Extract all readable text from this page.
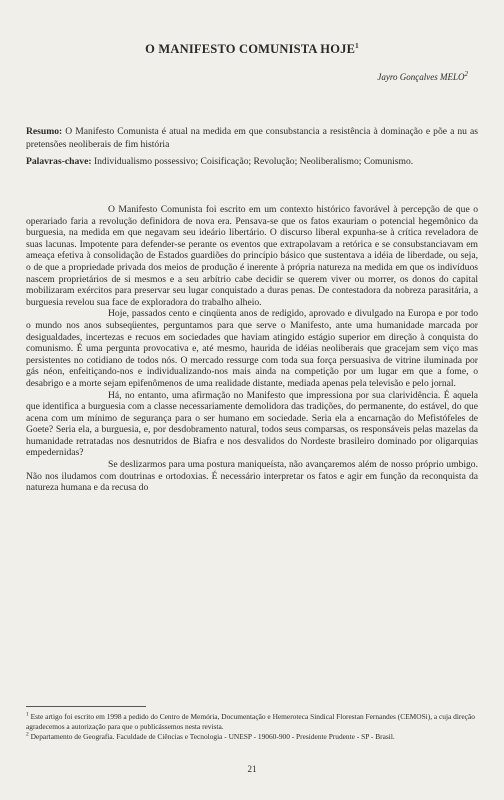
O MANIFESTO COMUNISTA HOJE$^1$
Jayro Gonçalves MELO$^2$
Resumo: O Manifesto Comunista é atual na medida em que consubstancia a resistência à dominação e põe a nu as pretensões neoliberais de fim história
Palavras-chave: Individualismo possessivo; Coisificação; Revolução; Neoliberalismo; Comunismo.

O Manifesto Comunista foi escrito em um contexto histórico favorável à percepção de que o operariado faria a revolução definidora de nova era. Pensava-se que os fatos exauriam o potencial hegemônico da burguesia, na medida em que negavam seu ideário libertário. O discurso liberal expunha-se à crítica reveladora de suas lacunas. Impotente para defender-se perante os eventos que extrapolavam a retórica e se consubstanciavam em ameaça efetiva à consolidação de Estados guardiões do princípio básico que sustentava a idéia de liberdade, ou seja, o de que a propriedade privada dos meios de produção é inerente à própria natureza na medida em que os indivíduos nascem proprietários de si mesmos e a seu arbítrio cabe decidir se querem viver ou morrer, os donos do capital mobilizaram exércitos para preservar seu lugar conquistado a duras penas. De contestadora da nobreza parasitária, a burguesia revelou sua face de exploradora do trabalho alheio.

Hoje, passados cento e cinqüenta anos de redigido, aprovado e divulgado na Europa e por todo o mundo nos anos subseqüentes, perguntamos para que serve o Manifesto, ante uma humanidade marcada por desigualdades, incertezas e recuos em sociedades que haviam atingido estágio superior em direção à conquista do comunismo. É uma pergunta provocativa e, até mesmo, haurida de idéias neoliberais que gracejam sem viço mas persistentes no cotidiano de todos nós. O mercado ressurge com toda sua força persuasiva de vitrine iluminada por gás néon, enfeitiçando-nos e individualizando-nos mais ainda na competição por um lugar em que a fome, o desabrigo e a morte sejam epifenômenos de uma realidade distante, mediada apenas pela televisão e pelo jornal.

Há, no entanto, uma afirmação no Manifesto que impressiona por sua clarividência. É aquela que identifica a burguesia com a classe necessariamente demolidora das tradições, do permanente, do estável, do que acena com um mínimo de segurança para o ser humano em sociedade. Seria ela a encarnação do Mefistófeles de Goete? Seria ela, a burguesia, e, por desdobramento natural, todos seus comparsas, os responsáveis pelas mazelas da humanidade retratadas nos desnutridos de Biafra e nos desvalidos do Nordeste brasileiro dominado por oligarquias empedernidas?

Se deslizarmos para uma postura maniqueísta, não avançaremos além de nosso próprio umbigo. Não nos iludamos com doutrinas e ortodoxias. É necessário interpretar os fatos e agir em função da reconquista da natureza humana e da recusa do

$^1$ Este artigo foi escrito em 1998 a pedido do Centro de Memória, Documentação e Hemeroteca Sindical Florestan Fernandes (CEMOSi), a cuja direção agradecemos a autorização para que o publicássemos nesta revista.

$^2$ Departamento de Geografia. Faculdade de Ciências e Tecnologia - UNESP - 19060-900 - Presidente Prudente - SP - Brasil.

21
